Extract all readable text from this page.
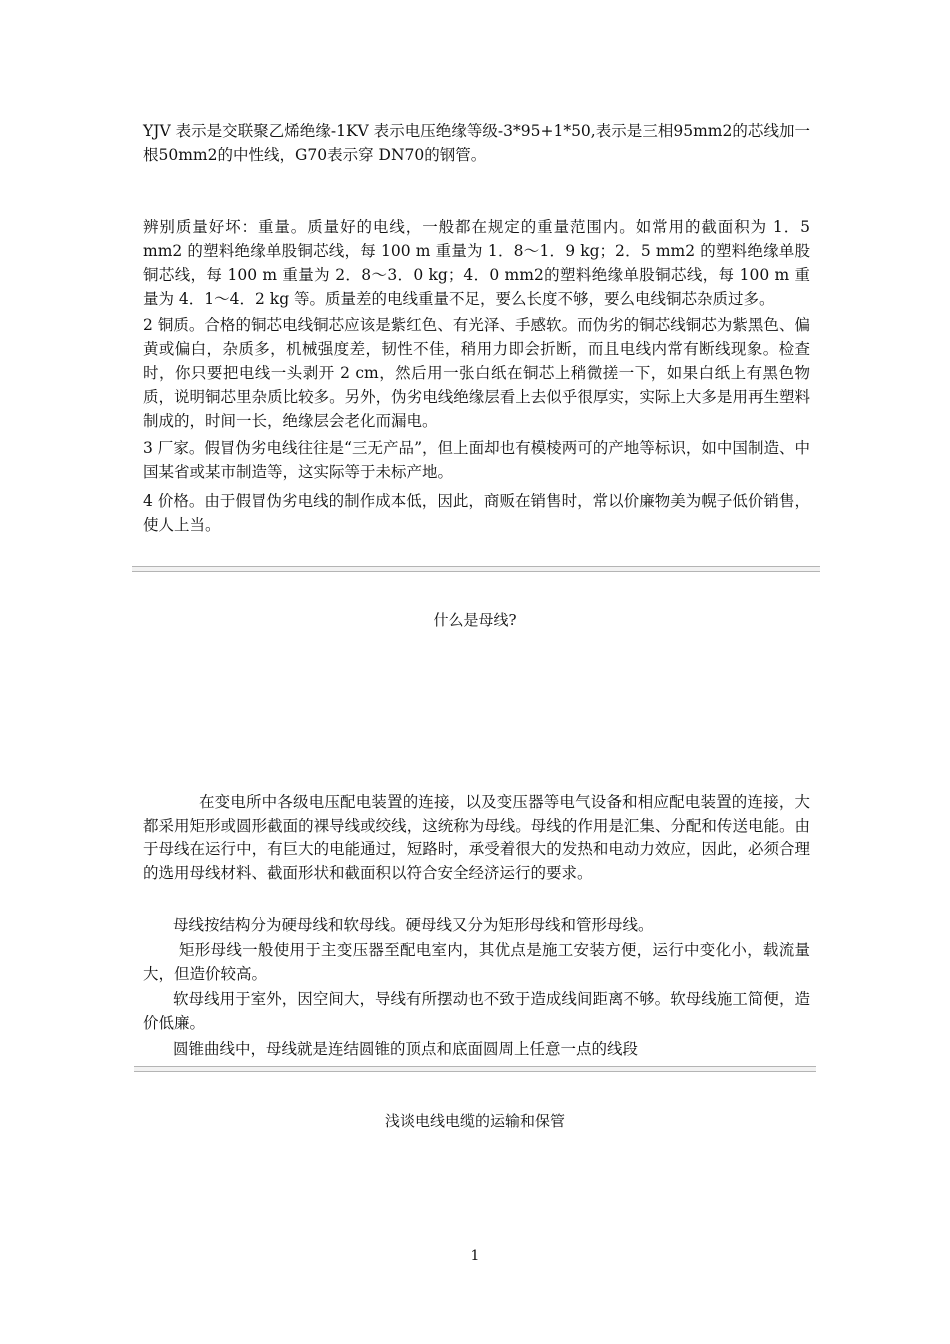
YJV 表示是交联聚乙烯绝缘-1KV 表示电压绝缘等级-3*95+1*50,表示是三相95mm2的芯线加一根50mm2的中性线，G70表示穿 DN70的钢管。

辨别质量好坏：重量。质量好的电线，一般都在规定的重量范围内。如常用的截面积为 1．5 mm2 的塑料绝缘单股铜芯线，每 100 m 重量为 1．8～1．9 kg；2．5 mm2 的塑料绝缘单股铜芯线，每 100 m 重量为 2．8～3．0 kg；4．0 mm2的塑料绝缘单股铜芯线，每 100 m 重量为 4．1～4．2 kg 等。质量差的电线重量不足，要么长度不够，要么电线铜芯杂质过多。

2 铜质。合格的铜芯电线铜芯应该是紫红色、有光泽、手感软。而伪劣的铜芯线铜芯为紫黑色、偏黄或偏白，杂质多，机械强度差，韧性不佳，稍用力即会折断，而且电线内常有断线现象。检查时，你只要把电线一头剥开 2 cm，然后用一张白纸在铜芯上稍微搓一下，如果白纸上有黑色物质，说明铜芯里杂质比较多。另外，伪劣电线绝缘层看上去似乎很厚实，实际上大多是用再生塑料制成的，时间一长，绝缘层会老化而漏电。

3 厂家。假冒伪劣电线往往是“三无产品”，但上面却也有模棱两可的产地等标识，如中国制造、中国某省或某市制造等，这实际等于未标产地。

4 价格。由于假冒伪劣电线的制作成本低，因此，商贩在销售时，常以价廉物美为幌子低价销售，使人上当。

什么是母线?

在变电所中各级电压配电装置的连接，以及变压器等电气设备和相应配电装置的连接，大都采用矩形或圆形截面的裸导线或绞线，这统称为母线。母线的作用是汇集、分配和传送电能。由于母线在运行中，有巨大的电能通过，短路时，承受着很大的发热和电动力效应，因此，必须合理的选用母线材料、截面形状和截面积以符合安全经济运行的要求。

母线按结构分为硬母线和软母线。硬母线又分为矩形母线和管形母线。

矩形母线一般使用于主变压器至配电室内，其优点是施工安装方便，运行中变化小，载流量大，但造价较高。

软母线用于室外，因空间大，导线有所摆动也不致于造成线间距离不够。软母线施工简便，造价低廉。

圆锥曲线中，母线就是连结圆锥的顶点和底面圆周上任意一点的线段

浅谈电线电缆的运输和保管
1
